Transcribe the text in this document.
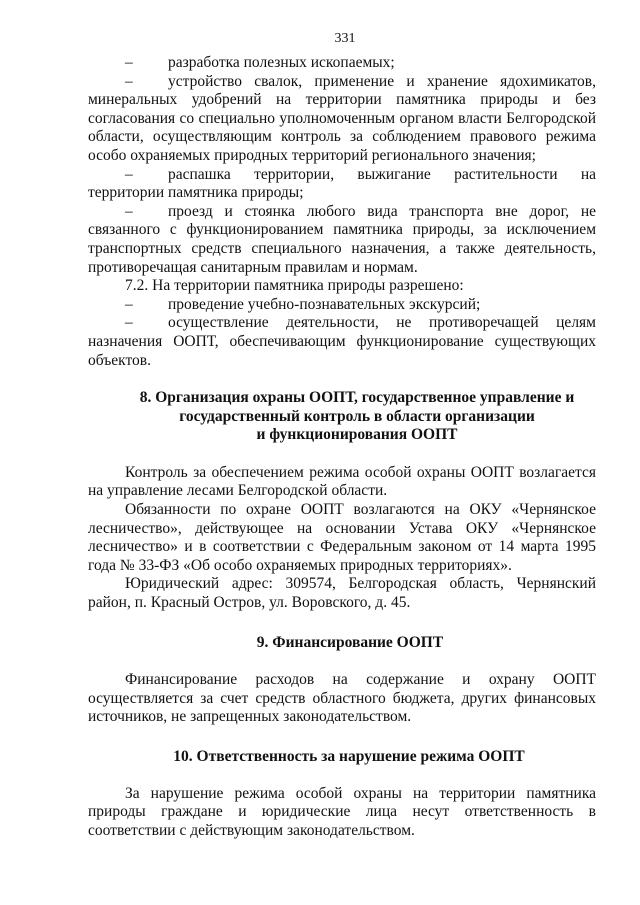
331

– разработка полезных ископаемых;

– устройство свалок, применение и хранение ядохимикатов, минеральных удобрений на территории памятника природы и без согласования со специально уполномоченным органом власти Белгородской области, осуществляющим контроль за соблюдением правового режима особо охраняемых природных территорий регионального значения;

– распашка территории, выжигание растительности на территории памятника природы;

– проезд и стоянка любого вида транспорта вне дорог, не связанного с функционированием памятника природы, за исключением транспортных средств специального назначения, а также деятельность, противоречащая санитарным правилам и нормам.

7.2. На территории памятника природы разрешено:

– проведение учебно-познавательных экскурсий;

– осуществление деятельности, не противоречащей целям назначения ООПТ, обеспечивающим функционирование существующих объектов.

8. Организация охраны ООПТ, государственное управление и
государственный контроль в области организации
и функционирования ООПТ

Контроль за обеспечением режима особой охраны ООПТ возлагается на управление лесами Белгородской области.

Обязанности по охране ООПТ возлагаются на ОКУ «Чернянское лесничество», действующее на основании Устава ОКУ «Чернянское лесничество» и в соответствии с Федеральным законом от 14 марта 1995 года № 33-ФЗ «Об особо охраняемых природных территориях».

Юридический адрес: 309574, Белгородская область, Чернянский район, п. Красный Остров, ул. Воровского, д. 45.

9. Финансирование ООПТ

Финансирование расходов на содержание и охрану ООПТ осуществляется за счет средств областного бюджета, других финансовых источников, не запрещенных законодательством.

10. Ответственность за нарушение режима ООПТ

За нарушение режима особой охраны на территории памятника природы граждане и юридические лица несут ответственность в соответствии с действующим законодательством.
